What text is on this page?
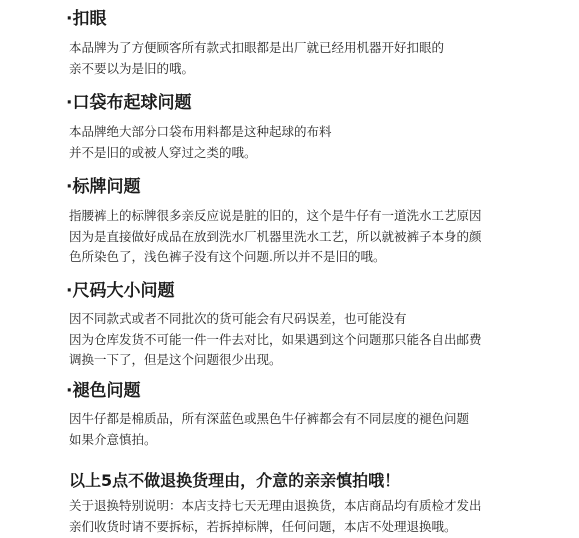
·扣眼
本品牌为了方便顾客所有款式扣眼都是出厂就已经用机器开好扣眼的
亲不要以为是旧的哦。
·口袋布起球问题
本品牌绝大部分口袋布用料都是这种起球的布料
并不是旧的或被人穿过之类的哦。
·标牌问题
指腰裤上的标牌很多亲反应说是脏的旧的，这个是牛仔有一道洗水工艺原因
因为是直接做好成品在放到洗水厂机器里洗水工艺，所以就被裤子本身的颜
色所染色了，浅色裤子没有这个问题.所以并不是旧的哦。
·尺码大小问题
因不同款式或者不同批次的货可能会有尺码误差，也可能没有
因为仓库发货不可能一件一件去对比，如果遇到这个问题那只能各自出邮费
调换一下了，但是这个问题很少出现。
·褪色问题
因牛仔都是棉质品，所有深蓝色或黑色牛仔裤都会有不同层度的褪色问题
如果介意慎拍。
以上5点不做退换货理由，介意的亲亲慎拍哦！
关于退换特别说明：本店支持七天无理由退换货，本店商品均有质检才发出
亲们收货时请不要拆标，若拆掉标牌，任何问题，本店不处理退换哦。
